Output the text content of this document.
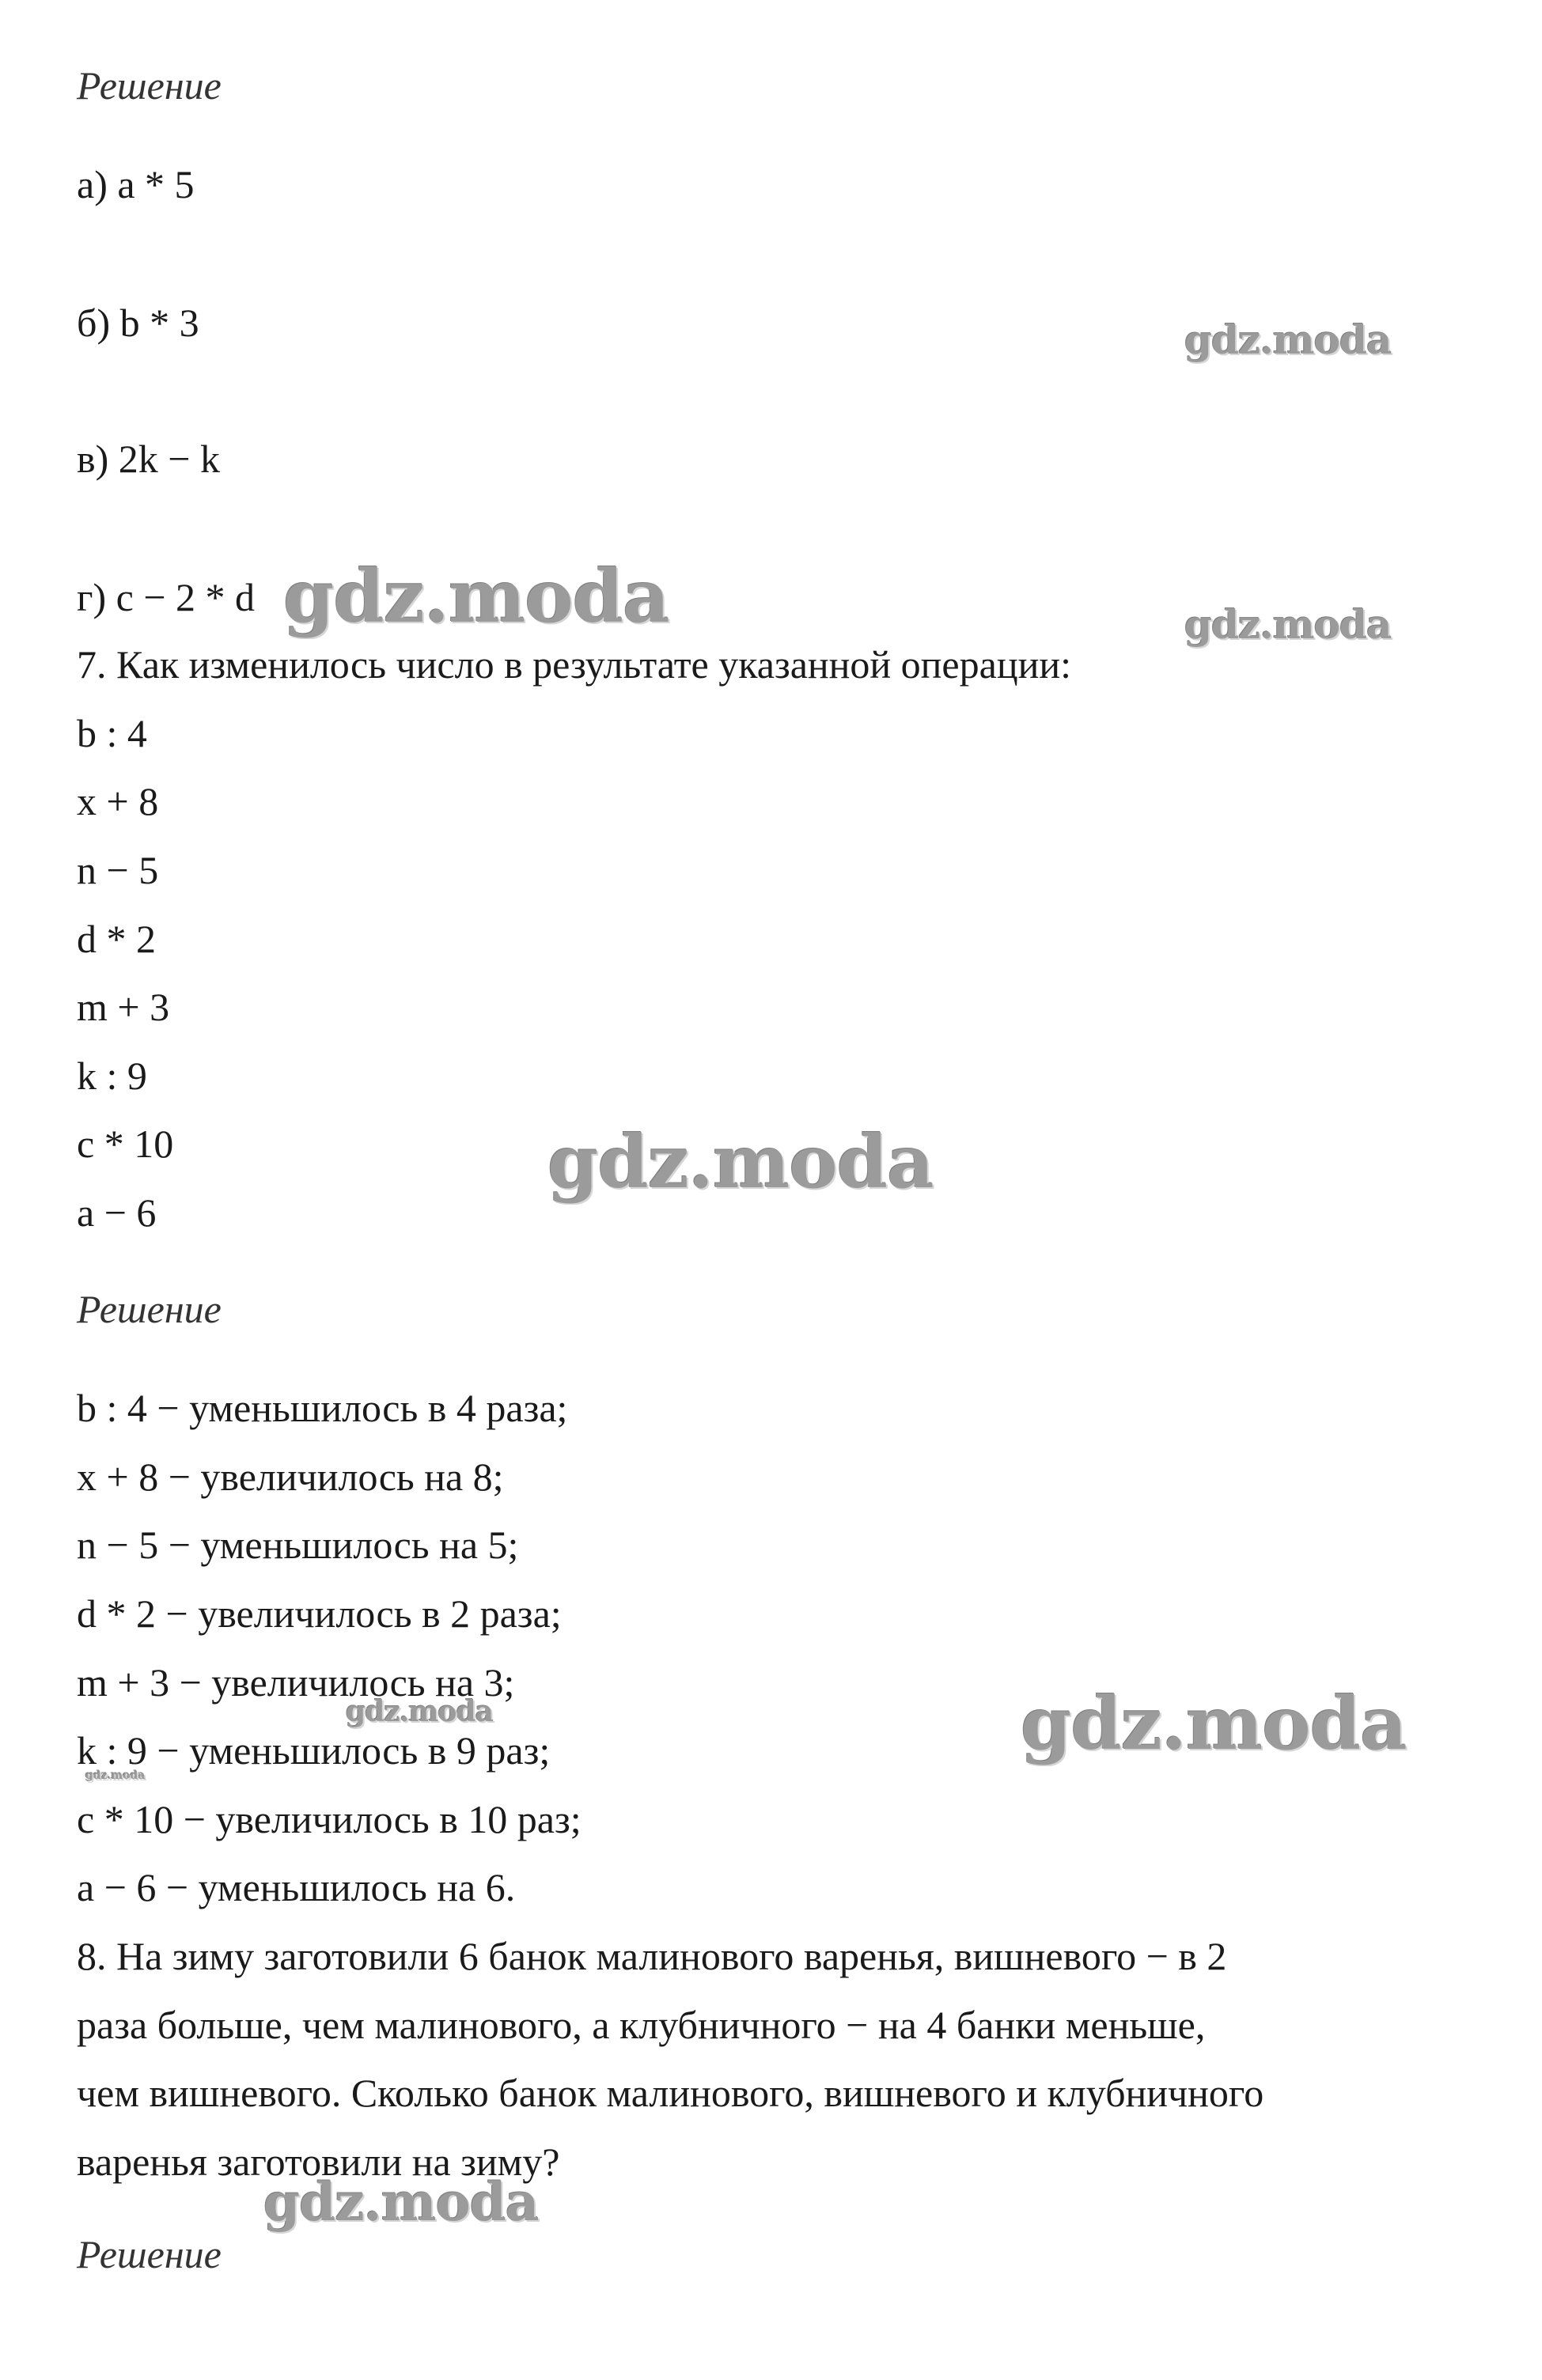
Решение
а) a * 5
б) b * 3
в) 2k − k
г) c − 2 * d
7. Как изменилось число в результате указанной операции:
b : 4
x + 8
n − 5
d * 2
m + 3
k : 9
c * 10
a − 6
Решение
b : 4 − уменьшилось в 4 раза;
x + 8 − увеличилось на 8;
n − 5 − уменьшилось на 5;
d * 2 − увеличилось в 2 раза;
m + 3 − увеличилось на 3;
k : 9 − уменьшилось в 9 раз;
c * 10 − увеличилось в 10 раз;
a − 6 − уменьшилось на 6.
8. На зиму заготовили 6 банок малинового варенья, вишневого − в 2
раза больше, чем малинового, а клубничного − на 4 банки меньше,
чем вишневого. Сколько банок малинового, вишневого и клубничного
варенья заготовили на зиму?
Решение
gdz.moda
gdz.moda	gdz.moda
gdz.moda
gdz.moda
gdz.moda
gdz.moda
gdz.moda
